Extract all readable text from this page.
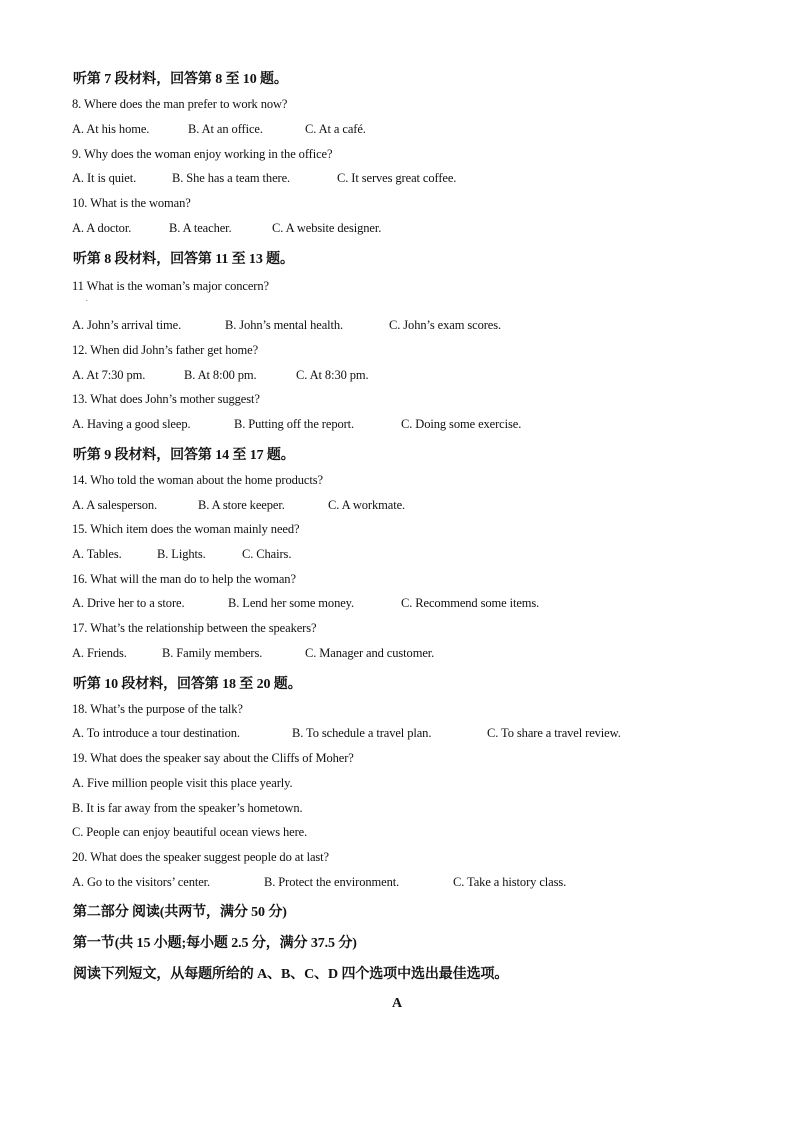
听第 7 段材料，回答第 8 至 10 题。
8. Where does the man prefer to work now?
A. At his home.	B. At an office.	C. At a café.
9. Why does the woman enjoy working in the office?
A. It is quiet.	B. She has a team there.	C. It serves great coffee.
10. What is the woman?
A. A doctor.	B. A teacher.	C. A website designer.
听第 8 段材料，回答第 11 至 13 题。
11 What is the woman’s major concern?
.
A. John’s arrival time.	B. John’s mental health.	C. John’s exam scores.
12. When did John’s father get home?
A. At 7:30 pm.	B. At 8:00 pm.	C. At 8:30 pm.
13. What does John’s mother suggest?
A. Having a good sleep.	B. Putting off the report.	C. Doing some exercise.
听第 9 段材料，回答第 14 至 17 题。
14. Who told the woman about the home products?
A. A salesperson.	B. A store keeper.	C. A workmate.
15. Which item does the woman mainly need?
A. Tables.	B. Lights.	C. Chairs.
16. What will the man do to help the woman?
A. Drive her to a store.	B. Lend her some money.	C. Recommend some items.
17. What’s the relationship between the speakers?
A. Friends.	B. Family members.	C. Manager and customer.
听第 10 段材料，回答第 18 至 20 题。
18. What’s the purpose of the talk?
A. To introduce a tour destination.	B. To schedule a travel plan.	C. To share a travel review.
19. What does the speaker say about the Cliffs of Moher?
A. Five million people visit this place yearly.
B. It is far away from the speaker’s hometown.
C. People can enjoy beautiful ocean views here.
20. What does the speaker suggest people do at last?
A. Go to the visitors’ center.	B. Protect the environment.	C. Take a history class.
第二部分 阅读(共两节，满分 50 分)
第一节(共 15 小题;每小题 2.5 分，满分 37.5 分)
阅读下列短文，从每题所给的 A、B、C、D 四个选项中选出最佳选项。
A
